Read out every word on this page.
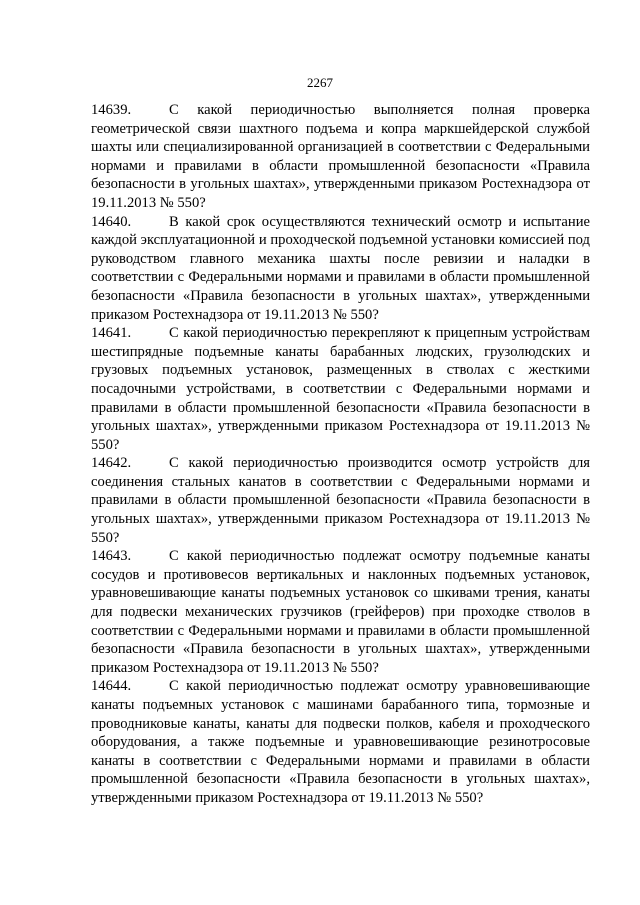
2267

14639.	С какой периодичностью выполняется полная проверка геометрической связи шахтного подъема и копра маркшейдерской службой шахты или специализированной организацией в соответствии с Федеральными нормами и правилами в области промышленной безопасности «Правила безопасности в угольных шахтах», утвержденными приказом Ростехнадзора от 19.11.2013 № 550?

14640.	В какой срок осуществляются технический осмотр и испытание каждой эксплуатационной и проходческой подъемной установки комиссией под руководством главного механика шахты после ревизии и наладки в соответствии с Федеральными нормами и правилами в области промышленной безопасности «Правила безопасности в угольных шахтах», утвержденными приказом Ростехнадзора от 19.11.2013 № 550?

14641.	С какой периодичностью перекрепляют к прицепным устройствам шестипрядные подъемные канаты барабанных людских, грузолюдских и грузовых подъемных установок, размещенных в стволах с жесткими посадочными устройствами, в соответствии с Федеральными нормами и правилами в области промышленной безопасности «Правила безопасности в угольных шахтах», утвержденными приказом Ростехнадзора от 19.11.2013 № 550?

14642.	С какой периодичностью производится осмотр устройств для соединения стальных канатов в соответствии с Федеральными нормами и правилами в области промышленной безопасности «Правила безопасности в угольных шахтах», утвержденными приказом Ростехнадзора от 19.11.2013 № 550?

14643.	С какой периодичностью подлежат осмотру подъемные канаты сосудов и противовесов вертикальных и наклонных подъемных установок, уравновешивающие канаты подъемных установок со шкивами трения, канаты для подвески механических грузчиков (грейферов) при проходке стволов в соответствии с Федеральными нормами и правилами в области промышленной безопасности «Правила безопасности в угольных шахтах», утвержденными приказом Ростехнадзора от 19.11.2013 № 550?

14644.	С какой периодичностью подлежат осмотру уравновешивающие канаты подъемных установок с машинами барабанного типа, тормозные и проводниковые канаты, канаты для подвески полков, кабеля и проходческого оборудования, а также подъемные и уравновешивающие резинотросовые канаты в соответствии с Федеральными нормами и правилами в области промышленной безопасности «Правила безопасности в угольных шахтах», утвержденными приказом Ростехнадзора от 19.11.2013 № 550?
